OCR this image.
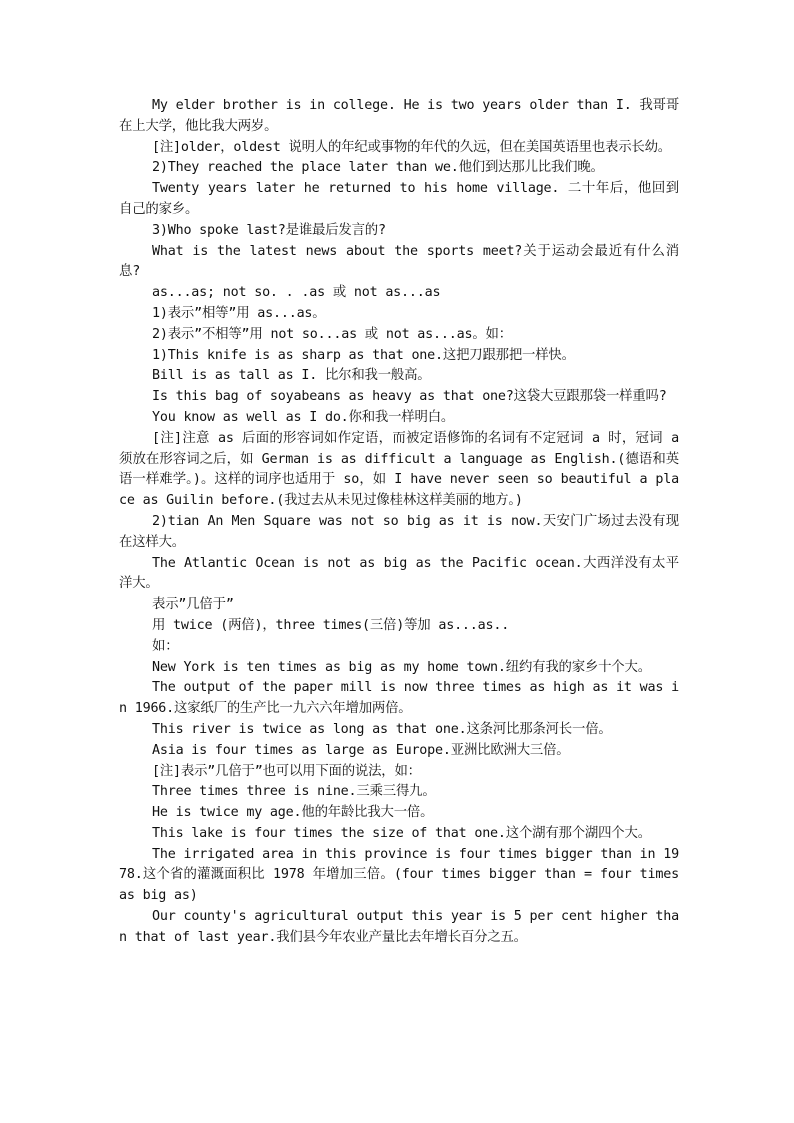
My elder brother is in college. He is two years older than I. 我哥哥在上大学，他比我大两岁。

[注]older，oldest 说明人的年纪或事物的年代的久远，但在美国英语里也表示长幼。

2)They reached the place later than we.他们到达那儿比我们晚。

Twenty years later he returned to his home village. 二十年后，他回到自己的家乡。

3)Who spoke last?是谁最后发言的?

What is the latest news about the sports meet?关于运动会最近有什么消息?

as...as; not so. . .as 或 not as...as

1)表示”相等”用 as...as。

2)表示”不相等”用 not so...as 或 not as...as。如：

1)This knife is as sharp as that one.这把刀跟那把一样快。

Bill is as tall as I. 比尔和我一般高。

Is this bag of soyabeans as heavy as that one?这袋大豆跟那袋一样重吗?

You know as well as I do.你和我一样明白。

[注]注意 as 后面的形容词如作定语，而被定语修饰的名词有不定冠词 a 时，冠词 a 须放在形容词之后，如 German is as difficult a language as English.(德语和英语一样难学。)。这样的词序也适用于 so，如 I have never seen so beautiful a place as Guilin before.(我过去从未见过像桂林这样美丽的地方。)

2)tian An Men Square was not so big as it is now.天安门广场过去没有现在这样大。

The Atlantic Ocean is not as big as the Pacific ocean.大西洋没有太平洋大。

表示”几倍于”

用 twice (两倍)，three times(三倍)等加 as...as..

如：

New York is ten times as big as my home town.纽约有我的家乡十个大。

The output of the paper mill is now three times as high as it was in 1966.这家纸厂的生产比一九六六年增加两倍。

This river is twice as long as that one.这条河比那条河长一倍。

Asia is four times as large as Europe.亚洲比欧洲大三倍。

[注]表示”几倍于”也可以用下面的说法，如：

Three times three is nine.三乘三得九。

He is twice my age.他的年龄比我大一倍。

This lake is four times the size of that one.这个湖有那个湖四个大。

The irrigated area in this province is four times bigger than in 1978.这个省的灌溉面积比 1978 年增加三倍。(four times bigger than = four times as big as)

Our county's agricultural output this year is 5 per cent higher than that of last year.我们县今年农业产量比去年增长百分之五。
